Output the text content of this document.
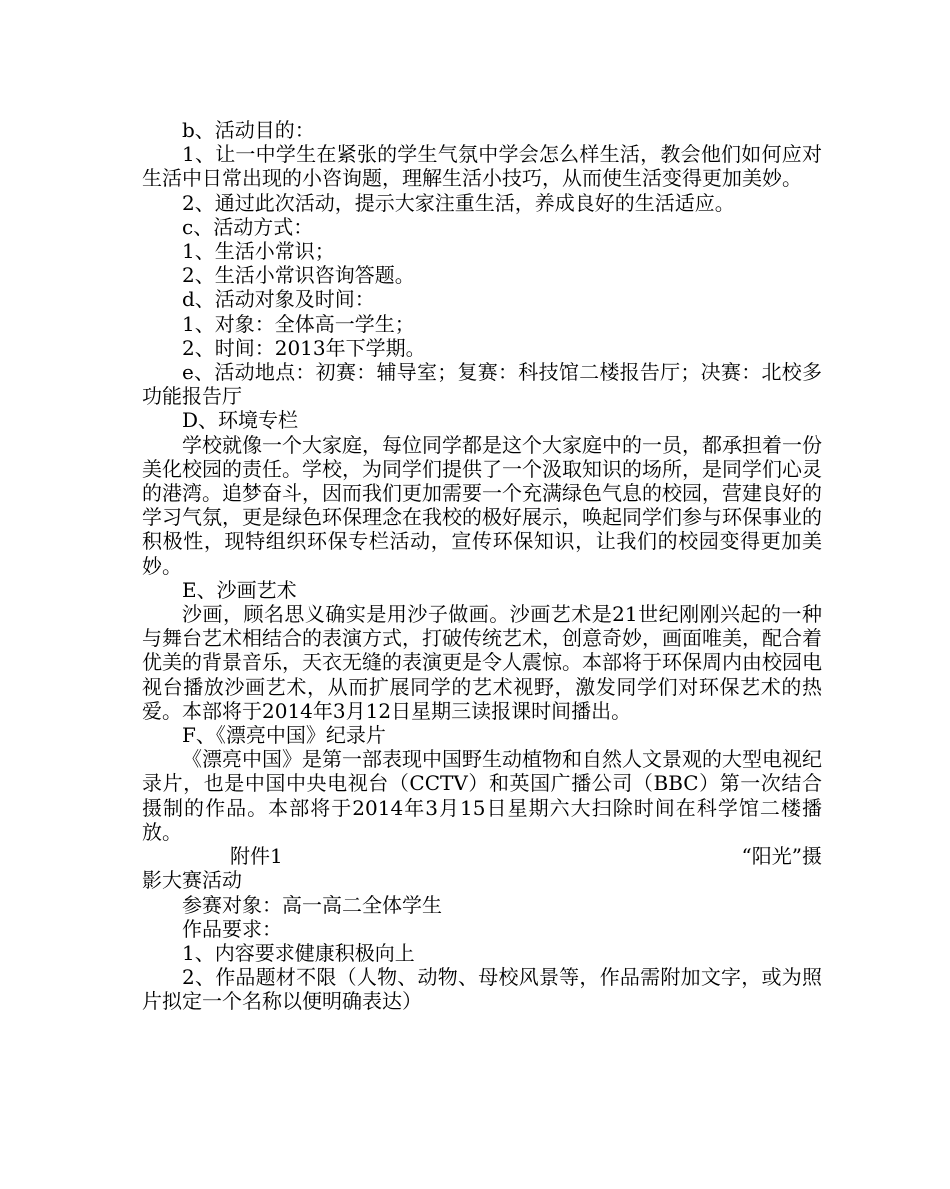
b、活动目的：

1、让一中学生在紧张的学生气氛中学会怎么样生活，教会他们如何应对生活中日常出现的小咨询题，理解生活小技巧，从而使生活变得更加美妙。

2、通过此次活动，提示大家注重生活，养成良好的生活适应。

c、活动方式：

1、生活小常识；

2、生活小常识咨询答题。

d、活动对象及时间：

1、对象：全体高一学生；

2、时间：2013年下学期。

e、活动地点：初赛：辅导室；复赛：科技馆二楼报告厅；决赛：北校多功能报告厅

D、环境专栏

学校就像一个大家庭，每位同学都是这个大家庭中的一员，都承担着一份美化校园的责任。学校，为同学们提供了一个汲取知识的场所，是同学们心灵的港湾。追梦奋斗，因而我们更加需要一个充满绿色气息的校园，营建良好的学习气氛，更是绿色环保理念在我校的极好展示，唤起同学们参与环保事业的积极性，现特组织环保专栏活动，宣传环保知识，让我们的校园变得更加美妙。

E、沙画艺术

沙画，顾名思义确实是用沙子做画。沙画艺术是21世纪刚刚兴起的一种与舞台艺术相结合的表演方式，打破传统艺术，创意奇妙，画面唯美，配合着优美的背景音乐，天衣无缝的表演更是令人震惊。本部将于环保周内由校园电视台播放沙画艺术，从而扩展同学的艺术视野，激发同学们对环保艺术的热爱。本部将于2014年3月12日星期三读报课时间播出。

F、《漂亮中国》纪录片

《漂亮中国》是第一部表现中国野生动植物和自然人文景观的大型电视纪录片，也是中国中央电视台（CCTV）和英国广播公司（BBC）第一次结合摄制的作品。本部将于2014年3月15日星期六大扫除时间在科学馆二楼播放。

附件1	“阳光”摄

影大赛活动

参赛对象：高一高二全体学生

作品要求：

1、内容要求健康积极向上

2、作品题材不限（人物、动物、母校风景等，作品需附加文字，或为照片拟定一个名称以便明确表达）
